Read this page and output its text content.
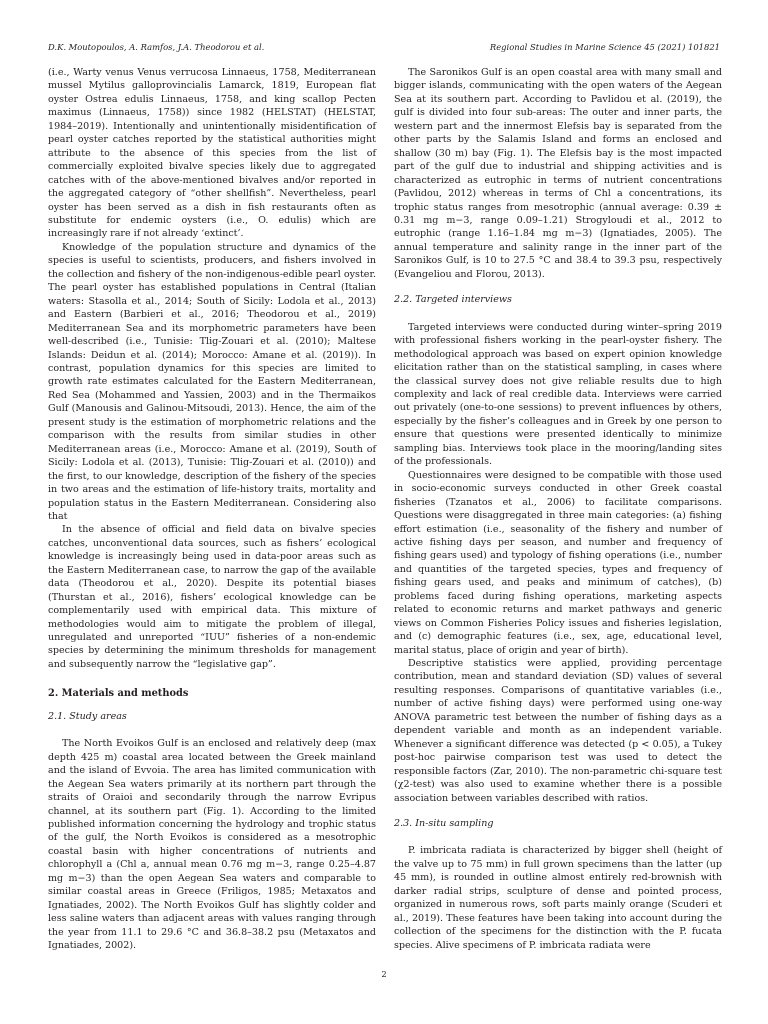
D.K. Moutopoulos, A. Ramfos, J.A. Theodorou et al.	Regional Studies in Marine Science 45 (2021) 101821

(i.e., Warty venus Venus verrucosa Linnaeus, 1758, Mediterranean mussel Mytilus galloprovincialis Lamarck, 1819, European flat oyster Ostrea edulis Linnaeus, 1758, and king scallop Pecten maximus (Linnaeus, 1758)) since 1982 (HELSTAT) (HELSTAT, 1984–2019). Intentionally and unintentionally misidentification of pearl oyster catches reported by the statistical authorities might attribute to the absence of this species from the list of commercially exploited bivalve species likely due to aggregated catches with of the above-mentioned bivalves and/or reported in the aggregated category of “other shellfish”. Nevertheless, pearl oyster has been served as a dish in fish restaurants often as substitute for endemic oysters (i.e., O. edulis) which are increasingly rare if not already ‘extinct’.

Knowledge of the population structure and dynamics of the species is useful to scientists, producers, and fishers involved in the collection and fishery of the non-indigenous-edible pearl oyster. The pearl oyster has established populations in Central (Italian waters: Stasolla et al., 2014; South of Sicily: Lodola et al., 2013) and Eastern (Barbieri et al., 2016; Theodorou et al., 2019) Mediterranean Sea and its morphometric parameters have been well-described (i.e., Tunisie: Tlig-Zouari et al. (2010); Maltese Islands: Deidun et al. (2014); Morocco: Amane et al. (2019)). In contrast, population dynamics for this species are limited to growth rate estimates calculated for the Eastern Mediterranean, Red Sea (Mohammed and Yassien, 2003) and in the Thermaikos Gulf (Manousis and Galinou-Mitsoudi, 2013). Hence, the aim of the present study is the estimation of morphometric relations and the comparison with the results from similar studies in other Mediterranean areas (i.e., Morocco: Amane et al. (2019), South of Sicily: Lodola et al. (2013), Tunisie: Tlig-Zouari et al. (2010)) and the first, to our knowledge, description of the fishery of the species in two areas and the estimation of life-history traits, mortality and population status in the Eastern Mediterranean. Considering also that

In the absence of official and field data on bivalve species catches, unconventional data sources, such as fishers’ ecological knowledge is increasingly being used in data-poor areas such as the Eastern Mediterranean case, to narrow the gap of the available data (Theodorou et al., 2020). Despite its potential biases (Thurstan et al., 2016), fishers’ ecological knowledge can be complementarily used with empirical data. This mixture of methodologies would aim to mitigate the problem of illegal, unregulated and unreported “IUU” fisheries of a non-endemic species by determining the minimum thresholds for management and subsequently narrow the “legislative gap”.

2. Materials and methods
2.1. Study areas

The North Evoikos Gulf is an enclosed and relatively deep (max depth 425 m) coastal area located between the Greek mainland and the island of Evvoia. The area has limited communication with the Aegean Sea waters primarily at its northern part through the straits of Oraioi and secondarily through the narrow Evripus channel, at its southern part (Fig. 1). According to the limited published information concerning the hydrology and trophic status of the gulf, the North Evoikos is considered as a mesotrophic coastal basin with higher concentrations of nutrients and chlorophyll a (Chl a, annual mean 0.76 mg m−3, range 0.25–4.87 mg m−3) than the open Aegean Sea waters and comparable to similar coastal areas in Greece (Friligos, 1985; Metaxatos and Ignatiades, 2002). The North Evoikos Gulf has slightly colder and less saline waters than adjacent areas with values ranging through the year from 11.1 to 29.6 °C and 36.8–38.2 psu (Metaxatos and Ignatiades, 2002).

The Saronikos Gulf is an open coastal area with many small and bigger islands, communicating with the open waters of the Aegean Sea at its southern part. According to Pavlidou et al. (2019), the gulf is divided into four sub-areas: The outer and inner parts, the western part and the innermost Elefsis bay is separated from the other parts by the Salamis Island and forms an enclosed and shallow (30 m) bay (Fig. 1). The Elefsis bay is the most impacted part of the gulf due to industrial and shipping activities and is characterized as eutrophic in terms of nutrient concentrations (Pavlidou, 2012) whereas in terms of Chl a concentrations, its trophic status ranges from mesotrophic (annual average: 0.39 ± 0.31 mg m−3, range 0.09–1.21) Strogyloudi et al., 2012 to eutrophic (range 1.16–1.84 mg m−3) (Ignatiades, 2005). The annual temperature and salinity range in the inner part of the Saronikos Gulf, is 10 to 27.5 °C and 38.4 to 39.3 psu, respectively (Evangeliou and Florou, 2013).

2.2. Targeted interviews

Targeted interviews were conducted during winter–spring 2019 with professional fishers working in the pearl-oyster fishery. The methodological approach was based on expert opinion knowledge elicitation rather than on the statistical sampling, in cases where the classical survey does not give reliable results due to high complexity and lack of real credible data. Interviews were carried out privately (one-to-one sessions) to prevent influences by others, especially by the fisher’s colleagues and in Greek by one person to ensure that questions were presented identically to minimize sampling bias. Interviews took place in the mooring/landing sites of the professionals.

Questionnaires were designed to be compatible with those used in socio-economic surveys conducted in other Greek coastal fisheries (Tzanatos et al., 2006) to facilitate comparisons. Questions were disaggregated in three main categories: (a) fishing effort estimation (i.e., seasonality of the fishery and number of active fishing days per season, and number and frequency of fishing gears used) and typology of fishing operations (i.e., number and quantities of the targeted species, types and frequency of fishing gears used, and peaks and minimum of catches), (b) problems faced during fishing operations, marketing aspects related to economic returns and market pathways and generic views on Common Fisheries Policy issues and fisheries legislation, and (c) demographic features (i.e., sex, age, educational level, marital status, place of origin and year of birth).

Descriptive statistics were applied, providing percentage contribution, mean and standard deviation (SD) values of several resulting responses. Comparisons of quantitative variables (i.e., number of active fishing days) were performed using one-way ANOVA parametric test between the number of fishing days as a dependent variable and month as an independent variable. Whenever a significant difference was detected (p < 0.05), a Tukey post-hoc pairwise comparison test was used to detect the responsible factors (Zar, 2010). The non-parametric chi-square test (χ2-test) was also used to examine whether there is a possible association between variables described with ratios.

2.3. In-situ sampling

P. imbricata radiata is characterized by bigger shell (height of the valve up to 75 mm) in full grown specimens than the latter (up 45 mm), is rounded in outline almost entirely red-brownish with darker radial strips, sculpture of dense and pointed process, organized in numerous rows, soft parts mainly orange (Scuderi et al., 2019). These features have been taking into account during the collection of the specimens for the distinction with the P. fucata species. Alive specimens of P. imbricata radiata were

2
